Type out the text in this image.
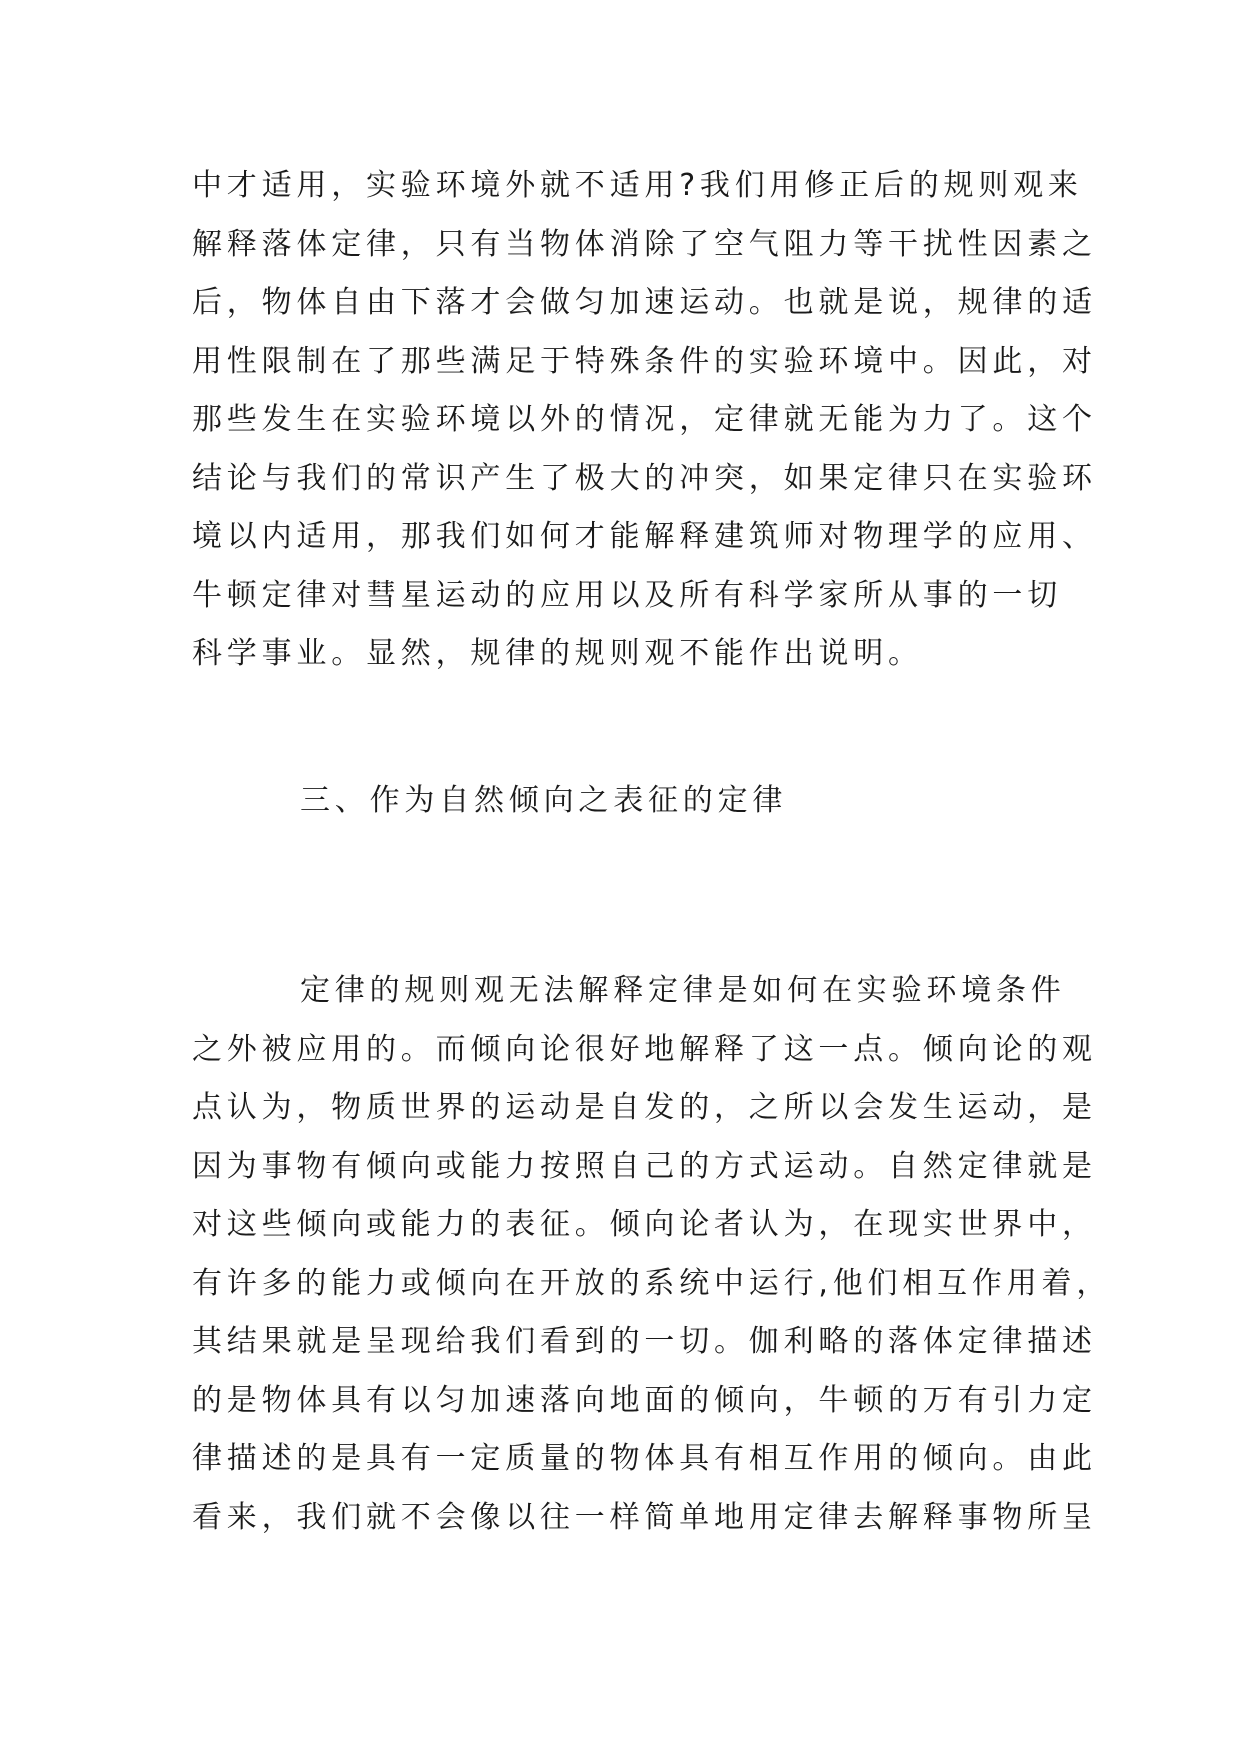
中才适用，实验环境外就不适用?我们用修正后的规则观来
解释落体定律，只有当物体消除了空气阻力等干扰性因素之
后，物体自由下落才会做匀加速运动。也就是说，规律的适
用性限制在了那些满足于特殊条件的实验环境中。因此，对
那些发生在实验环境以外的情况，定律就无能为力了。这个
结论与我们的常识产生了极大的冲突，如果定律只在实验环
境以内适用，那我们如何才能解释建筑师对物理学的应用、
牛顿定律对彗星运动的应用以及所有科学家所从事的一切
科学事业。显然，规律的规则观不能作出说明。
三、作为自然倾向之表征的定律
定律的规则观无法解释定律是如何在实验环境条件
之外被应用的。而倾向论很好地解释了这一点。倾向论的观
点认为，物质世界的运动是自发的，之所以会发生运动，是
因为事物有倾向或能力按照自己的方式运动。自然定律就是
对这些倾向或能力的表征。倾向论者认为，在现实世界中，
有许多的能力或倾向在开放的系统中运行,他们相互作用着，
其结果就是呈现给我们看到的一切。伽利略的落体定律描述
的是物体具有以匀加速落向地面的倾向，牛顿的万有引力定
律描述的是具有一定质量的物体具有相互作用的倾向。由此
看来，我们就不会像以往一样简单地用定律去解释事物所呈
